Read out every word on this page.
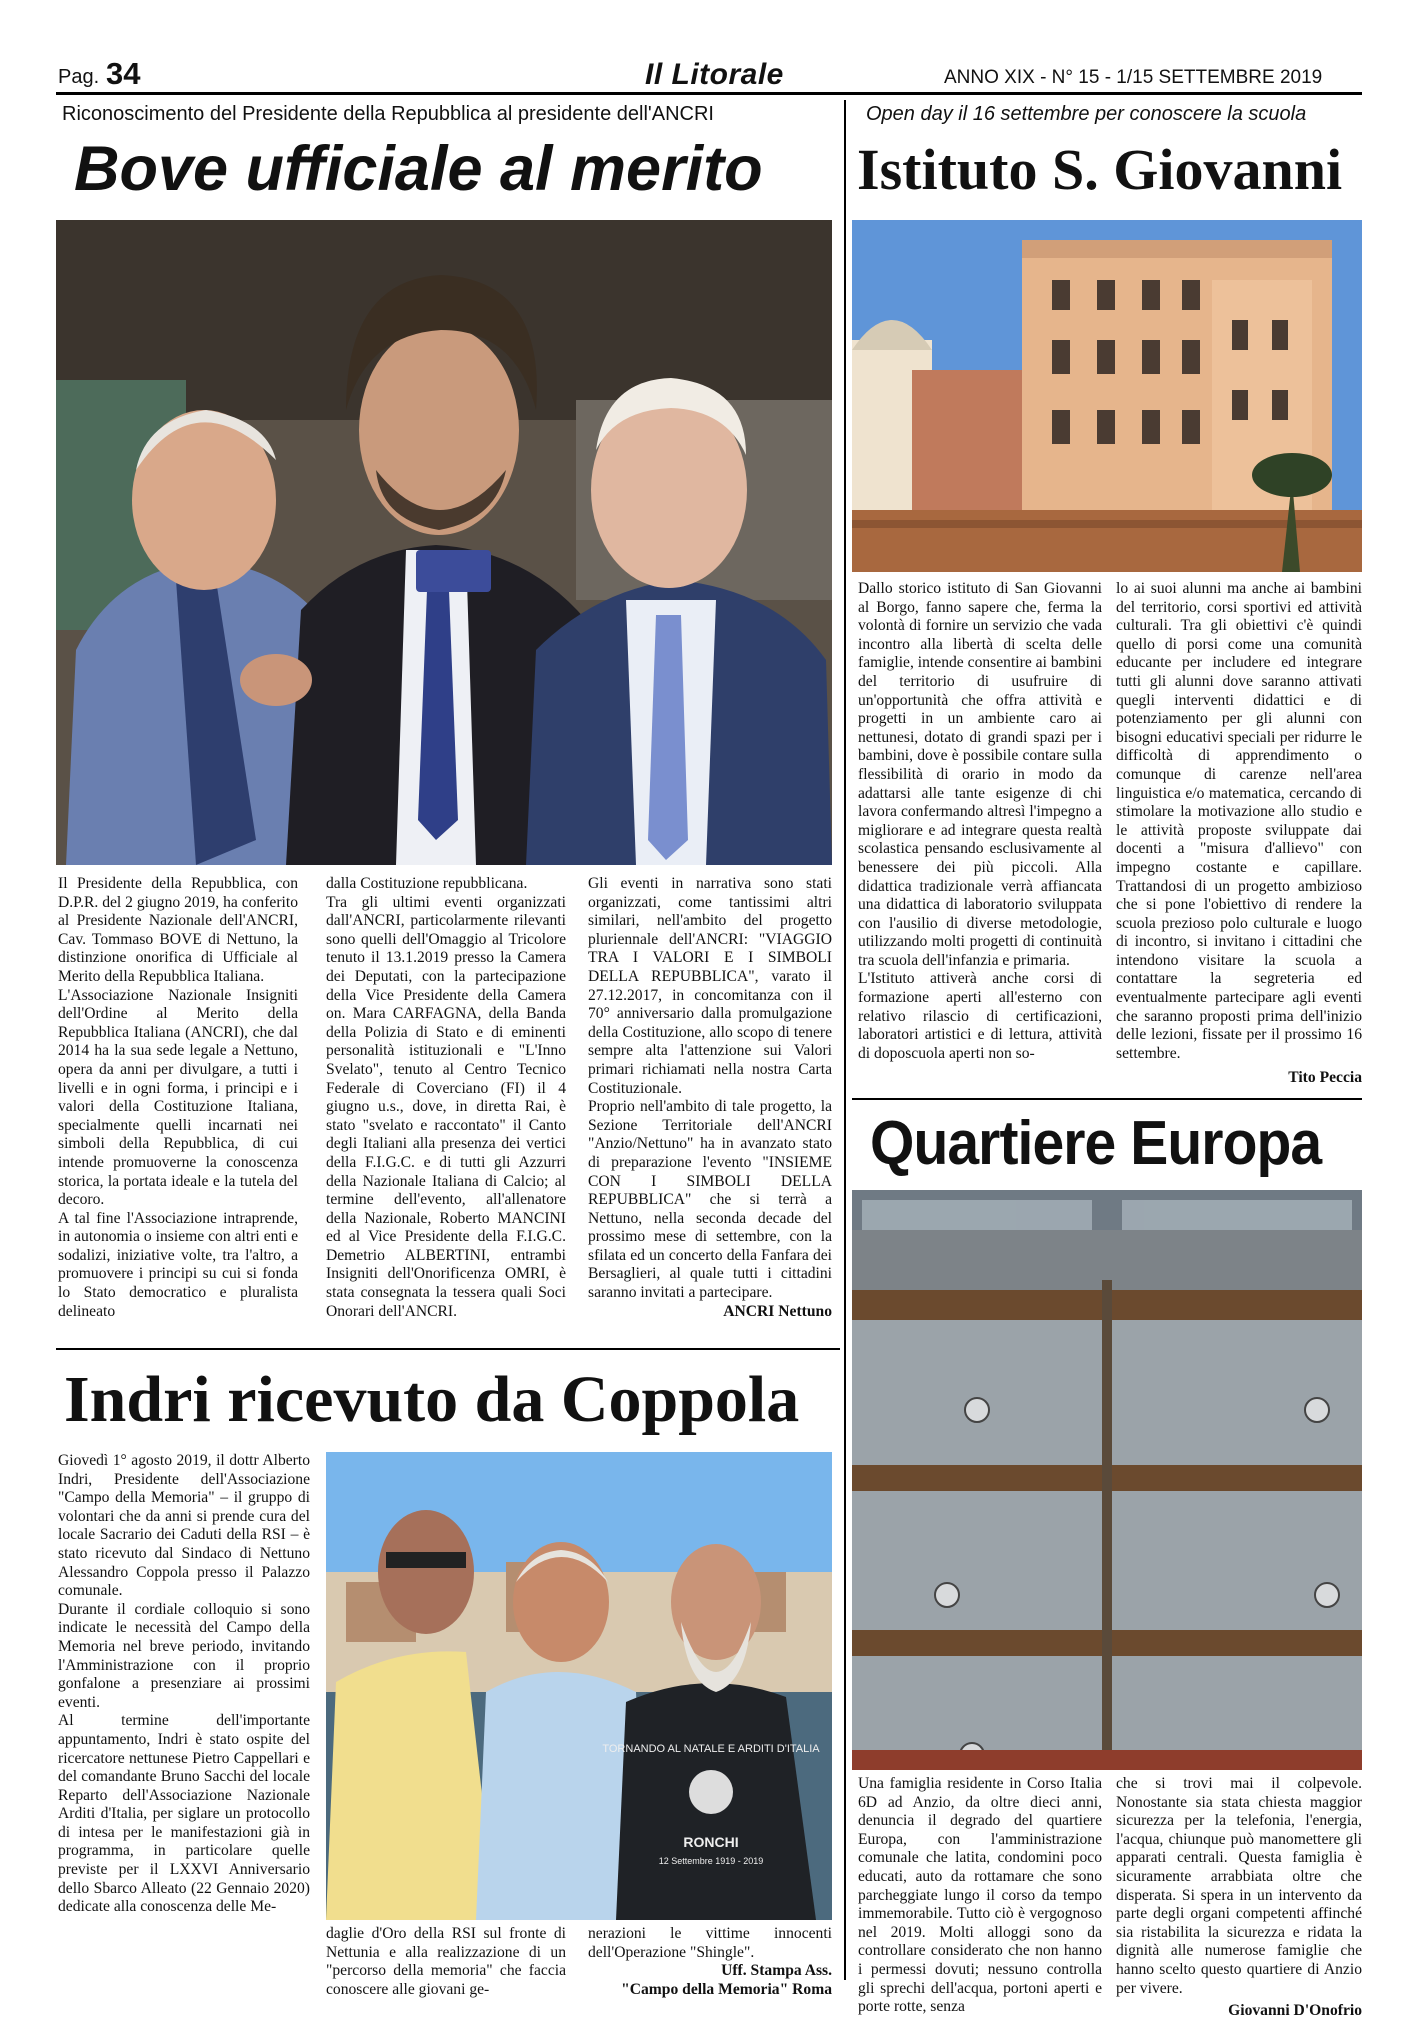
Pag. 34	Il Litorale	ANNO XIX - N° 15 - 1/15 SETTEMBRE 2019
Riconoscimento del Presidente della Repubblica al presidente dell'ANCRI
Bove ufficiale al merito

Il Presidente della Repubblica, con D.P.R. del 2 giugno 2019, ha conferito al Presidente Nazionale dell'ANCRI, Cav. Tommaso BOVE di Nettuno, la distinzione onorifica di Ufficiale al Merito della Repubblica Italiana.

L'Associazione Nazionale Insigniti dell'Ordine al Merito della Repubblica Italiana (ANCRI), che dal 2014 ha la sua sede legale a Nettuno, opera da anni per divulgare, a tutti i livelli e in ogni forma, i principi e i valori della Costituzione Italiana, specialmente quelli incarnati nei simboli della Repubblica, di cui intende promuoverne la conoscenza storica, la portata ideale e la tutela del decoro.

A tal fine l'Associazione intraprende, in autonomia o insieme con altri enti e sodalizi, iniziative volte, tra l'altro, a promuovere i principi su cui si fonda lo Stato democratico e pluralista delineato

dalla Costituzione repubblicana.

Tra gli ultimi eventi organizzati dall'ANCRI, particolarmente rilevanti sono quelli dell'Omaggio al Tricolore tenuto il 13.1.2019 presso la Camera dei Deputati, con la partecipazione della Vice Presidente della Camera on. Mara CARFAGNA, della Banda della Polizia di Stato e di eminenti personalità istituzionali e "L'Inno Svelato", tenuto al Centro Tecnico Federale di Coverciano (FI) il 4 giugno u.s., dove, in diretta Rai, è stato "svelato e raccontato" il Canto degli Italiani alla presenza dei vertici della F.I.G.C. e di tutti gli Azzurri della Nazionale Italiana di Calcio; al termine dell'evento, all'allenatore della Nazionale, Roberto MANCINI ed al Vice Presidente della F.I.G.C. Demetrio ALBERTINI, entrambi Insigniti dell'Onorificenza OMRI, è stata consegnata la tessera quali Soci Onorari dell'ANCRI.

Gli eventi in narrativa sono stati organizzati, come tantissimi altri similari, nell'ambito del progetto pluriennale dell'ANCRI: "VIAGGIO TRA I VALORI E I SIMBOLI DELLA REPUBBLICA", varato il 27.12.2017, in concomitanza con il 70° anniversario dalla promulgazione della Costituzione, allo scopo di tenere sempre alta l'attenzione sui Valori primari richiamati nella nostra Carta Costituzionale.

Proprio nell'ambito di tale progetto, la Sezione Territoriale dell'ANCRI "Anzio/Nettuno" ha in avanzato stato di preparazione l'evento "INSIEME CON I SIMBOLI DELLA REPUBBLICA" che si terrà a Nettuno, nella seconda decade del prossimo mese di settembre, con la sfilata ed un concerto della Fanfara dei Bersaglieri, al quale tutti i cittadini saranno invitati a partecipare.

ANCRI Nettuno

Open day il 16 settembre per conoscere la scuola
Istituto S. Giovanni

Dallo storico istituto di San Giovanni al Borgo, fanno sapere che, ferma la volontà di fornire un servizio che vada incontro alla libertà di scelta delle famiglie, intende consentire ai bambini del territorio di usufruire di un'opportunità che offra attività e progetti in un ambiente caro ai nettunesi, dotato di grandi spazi per i bambini, dove è possibile contare sulla flessibilità di orario in modo da adattarsi alle tante esigenze di chi lavora confermando altresì l'impegno a migliorare e ad integrare questa realtà scolastica pensando esclusivamente al benessere dei più piccoli. Alla didattica tradizionale verrà affiancata una didattica di laboratorio sviluppata con l'ausilio di diverse metodologie, utilizzando molti progetti di continuità tra scuola dell'infanzia e primaria.

L'Istituto attiverà anche corsi di formazione aperti all'esterno con relativo rilascio di certificazioni, laboratori artistici e di lettura, attività di doposcuola aperti non so-

lo ai suoi alunni ma anche ai bambini del territorio, corsi sportivi ed attività culturali. Tra gli obiettivi c'è quindi quello di porsi come una comunità educante per includere ed integrare tutti gli alunni dove saranno attivati quegli interventi didattici e di potenziamento per gli alunni con bisogni educativi speciali per ridurre le difficoltà di apprendimento o comunque di carenze nell'area linguistica e/o matematica, cercando di stimolare la motivazione allo studio e le attività proposte sviluppate dai docenti a "misura d'allievo" con impegno costante e capillare. Trattandosi di un progetto ambizioso che si pone l'obiettivo di rendere la scuola prezioso polo culturale e luogo di incontro, si invitano i cittadini che intendono visitare la scuola a contattare la segreteria ed eventualmente partecipare agli eventi che saranno proposti prima dell'inizio delle lezioni, fissate per il prossimo 16 settembre.

Tito Peccia

Quartiere Europa

Una famiglia residente in Corso Italia 6D ad Anzio, da oltre dieci anni, denuncia il degrado del quartiere Europa, con l'amministrazione comunale che latita, condomini poco educati, auto da rottamare che sono parcheggiate lungo il corso da tempo immemorabile. Tutto ciò è vergognoso nel 2019. Molti alloggi sono da controllare considerato che non hanno i permessi dovuti; nessuno controlla gli sprechi dell'acqua, portoni aperti e porte rotte, senza

che si trovi mai il colpevole. Nonostante sia stata chiesta maggior sicurezza per la telefonia, l'energia, l'acqua, chiunque può manomettere gli apparati centrali. Questa famiglia è sicuramente arrabbiata oltre che disperata. Si spera in un intervento da parte degli organi competenti affinché sia ristabilita la sicurezza e ridata la dignità alle numerose famiglie che hanno scelto questo quartiere di Anzio per vivere.

Giovanni D'Onofrio

Indri ricevuto da Coppola

Giovedì 1° agosto 2019, il dottr Alberto Indri, Presidente dell'Associazione "Campo della Memoria" – il gruppo di volontari che da anni si prende cura del locale Sacrario dei Caduti della RSI – è stato ricevuto dal Sindaco di Nettuno Alessandro Coppola presso il Palazzo comunale.

Durante il cordiale colloquio si sono indicate le necessità del Campo della Memoria nel breve periodo, invitando l'Amministrazione con il proprio gonfalone a presenziare ai prossimi eventi.

Al termine dell'importante appuntamento, Indri è stato ospite del ricercatore nettunese Pietro Cappellari e del comandante Bruno Sacchi del locale Reparto dell'Associazione Nazionale Arditi d'Italia, per siglare un protocollo di intesa per le manifestazioni già in programma, in particolare quelle previste per il LXXVI Anniversario dello Sbarco Alleato (22 Gennaio 2020) dedicate alla conoscenza delle Me-

TORNANDO AL NATALE E ARDITI D'ITALIA
RONCHI
12 Settembre 1919 - 2019

daglie d'Oro della RSI sul fronte di Nettunia e alla realizzazione di un "percorso della memoria" che faccia conoscere alle giovani ge-

nerazioni le vittime innocenti dell'Operazione "Shingle".

Uff. Stampa Ass.

"Campo della Memoria" Roma
